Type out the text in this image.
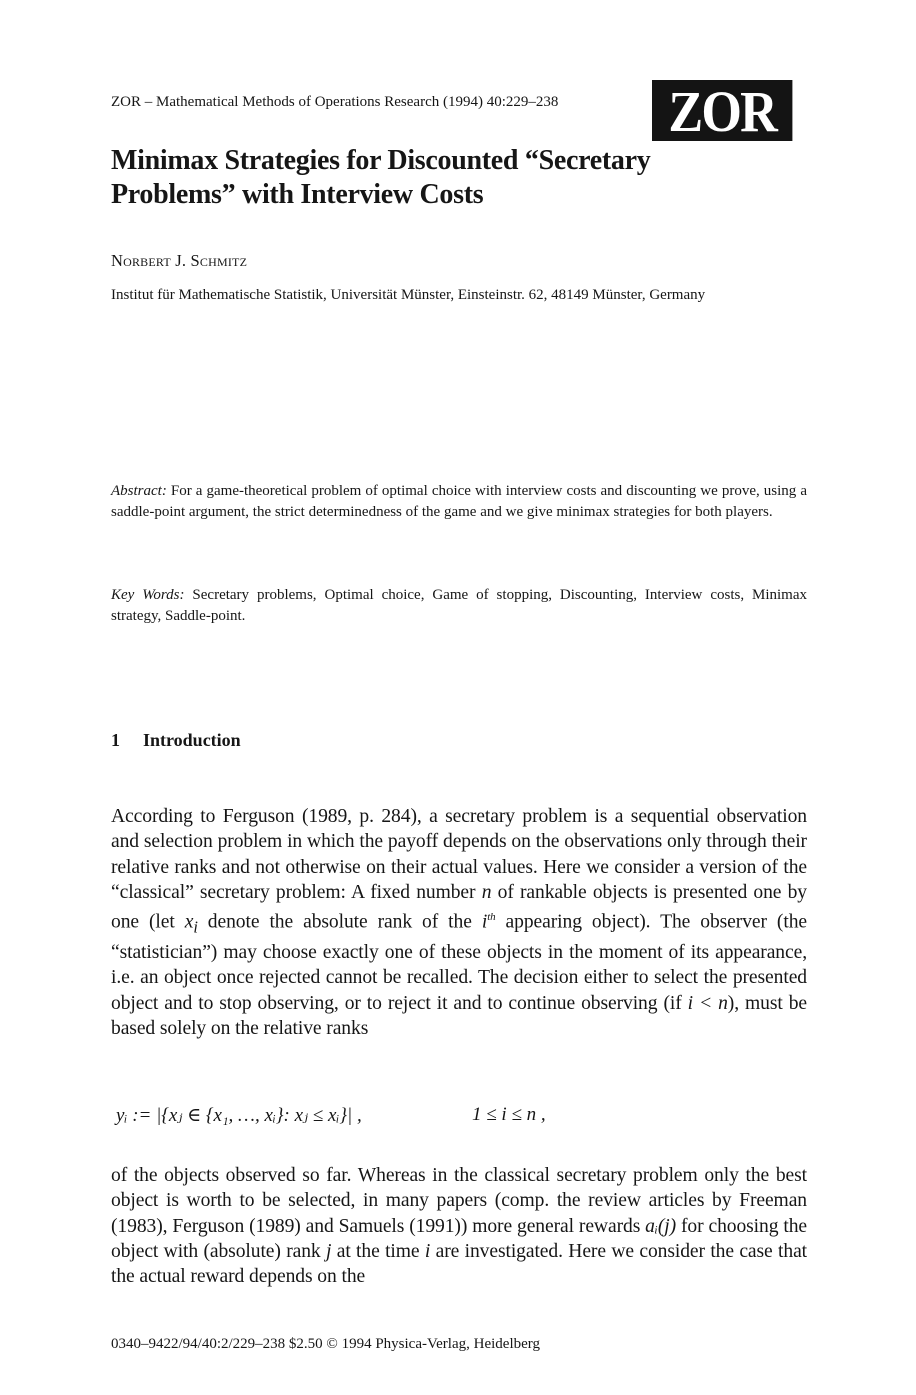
ZOR – Mathematical Methods of Operations Research (1994) 40:229–238 ZOR
Minimax Strategies for Discounted “Secretary Problems” with Interview Costs
Norbert J. Schmitz
Institut für Mathematische Statistik, Universität Münster, Einsteinstr. 62, 48149 Münster, Germany
Abstract: For a game-theoretical problem of optimal choice with interview costs and discounting we prove, using a saddle-point argument, the strict determinedness of the game and we give minimax strategies for both players.
Key Words: Secretary problems, Optimal choice, Game of stopping, Discounting, Interview costs, Minimax strategy, Saddle-point.
1 Introduction
According to Ferguson (1989, p. 284), a secretary problem is a sequential observation and selection problem in which the payoff depends on the observations only through their relative ranks and not otherwise on their actual values. Here we consider a version of the “classical” secretary problem: A fixed number n of rankable objects is presented one by one (let $x_i$ denote the absolute rank of the $i^{th}$ appearing object). The observer (the “statistician”) may choose exactly one of these objects in the moment of its appearance, i.e. an object once rejected cannot be recalled. The decision either to select the presented object and to stop observing, or to reject it and to continue observing (if i < n), must be based solely on the relative ranks
yᵢ := |{xⱼ ∈ {x₁, …, xᵢ}: xⱼ ≤ xᵢ}| ,	1 ≤ i ≤ n ,
of the objects observed so far. Whereas in the classical secretary problem only the best object is worth to be selected, in many papers (comp. the review articles by Freeman (1983), Ferguson (1989) and Samuels (1991)) more general rewards aᵢ(j) for choosing the object with (absolute) rank j at the time i are investigated. Here we consider the case that the actual reward depends on the
0340–9422/94/40:2/229–238 $2.50 © 1994 Physica-Verlag, Heidelberg
